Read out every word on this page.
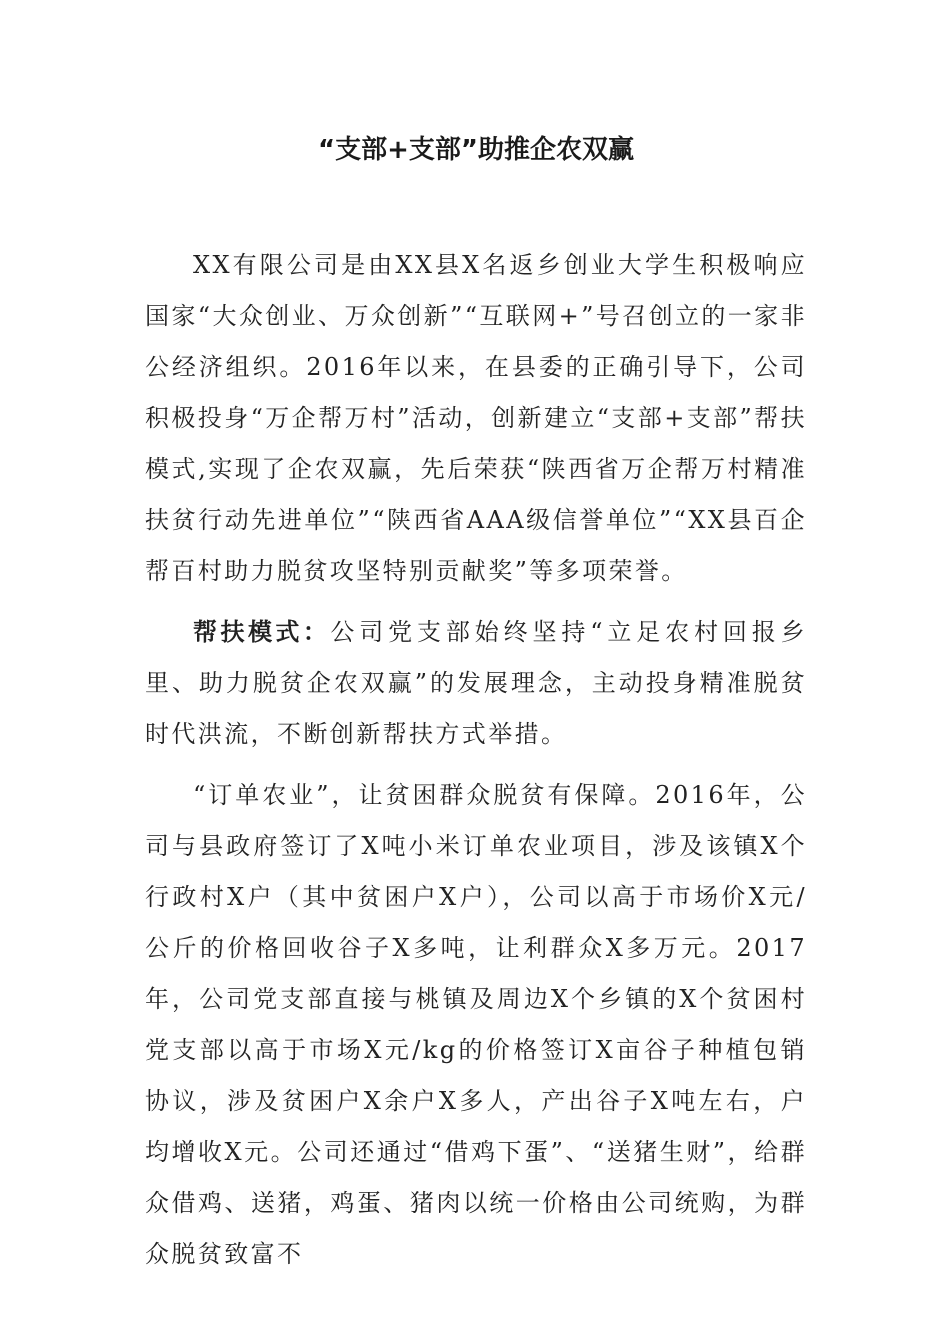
“支部+支部”助推企农双赢

XX有限公司是由XX县X名返乡创业大学生积极响应国家“大众创业、万众创新”“互联网+”号召创立的一家非公经济组织。2016年以来，在县委的正确引导下，公司积极投身“万企帮万村”活动，创新建立“支部+支部”帮扶模式,实现了企农双赢，先后荣获“陕西省万企帮万村精准扶贫行动先进单位”“陕西省AAA级信誉单位”“XX县百企帮百村助力脱贫攻坚特别贡献奖”等多项荣誉。

帮扶模式：公司党支部始终坚持“立足农村回报乡里、助力脱贫企农双赢”的发展理念，主动投身精准脱贫时代洪流，不断创新帮扶方式举措。

“订单农业”，让贫困群众脱贫有保障。2016年，公司与县政府签订了X吨小米订单农业项目，涉及该镇X个行政村X户（其中贫困户X户），公司以高于市场价X元/公斤的价格回收谷子X多吨，让利群众X多万元。2017年，公司党支部直接与桃镇及周边X个乡镇的X个贫困村党支部以高于市场X元/kg的价格签订X亩谷子种植包销协议，涉及贫困户X余户X多人，产出谷子X吨左右，户均增收X元。公司还通过“借鸡下蛋”、“送猪生财”，给群众借鸡、送猪，鸡蛋、猪肉以统一价格由公司统购，为群众脱贫致富不
